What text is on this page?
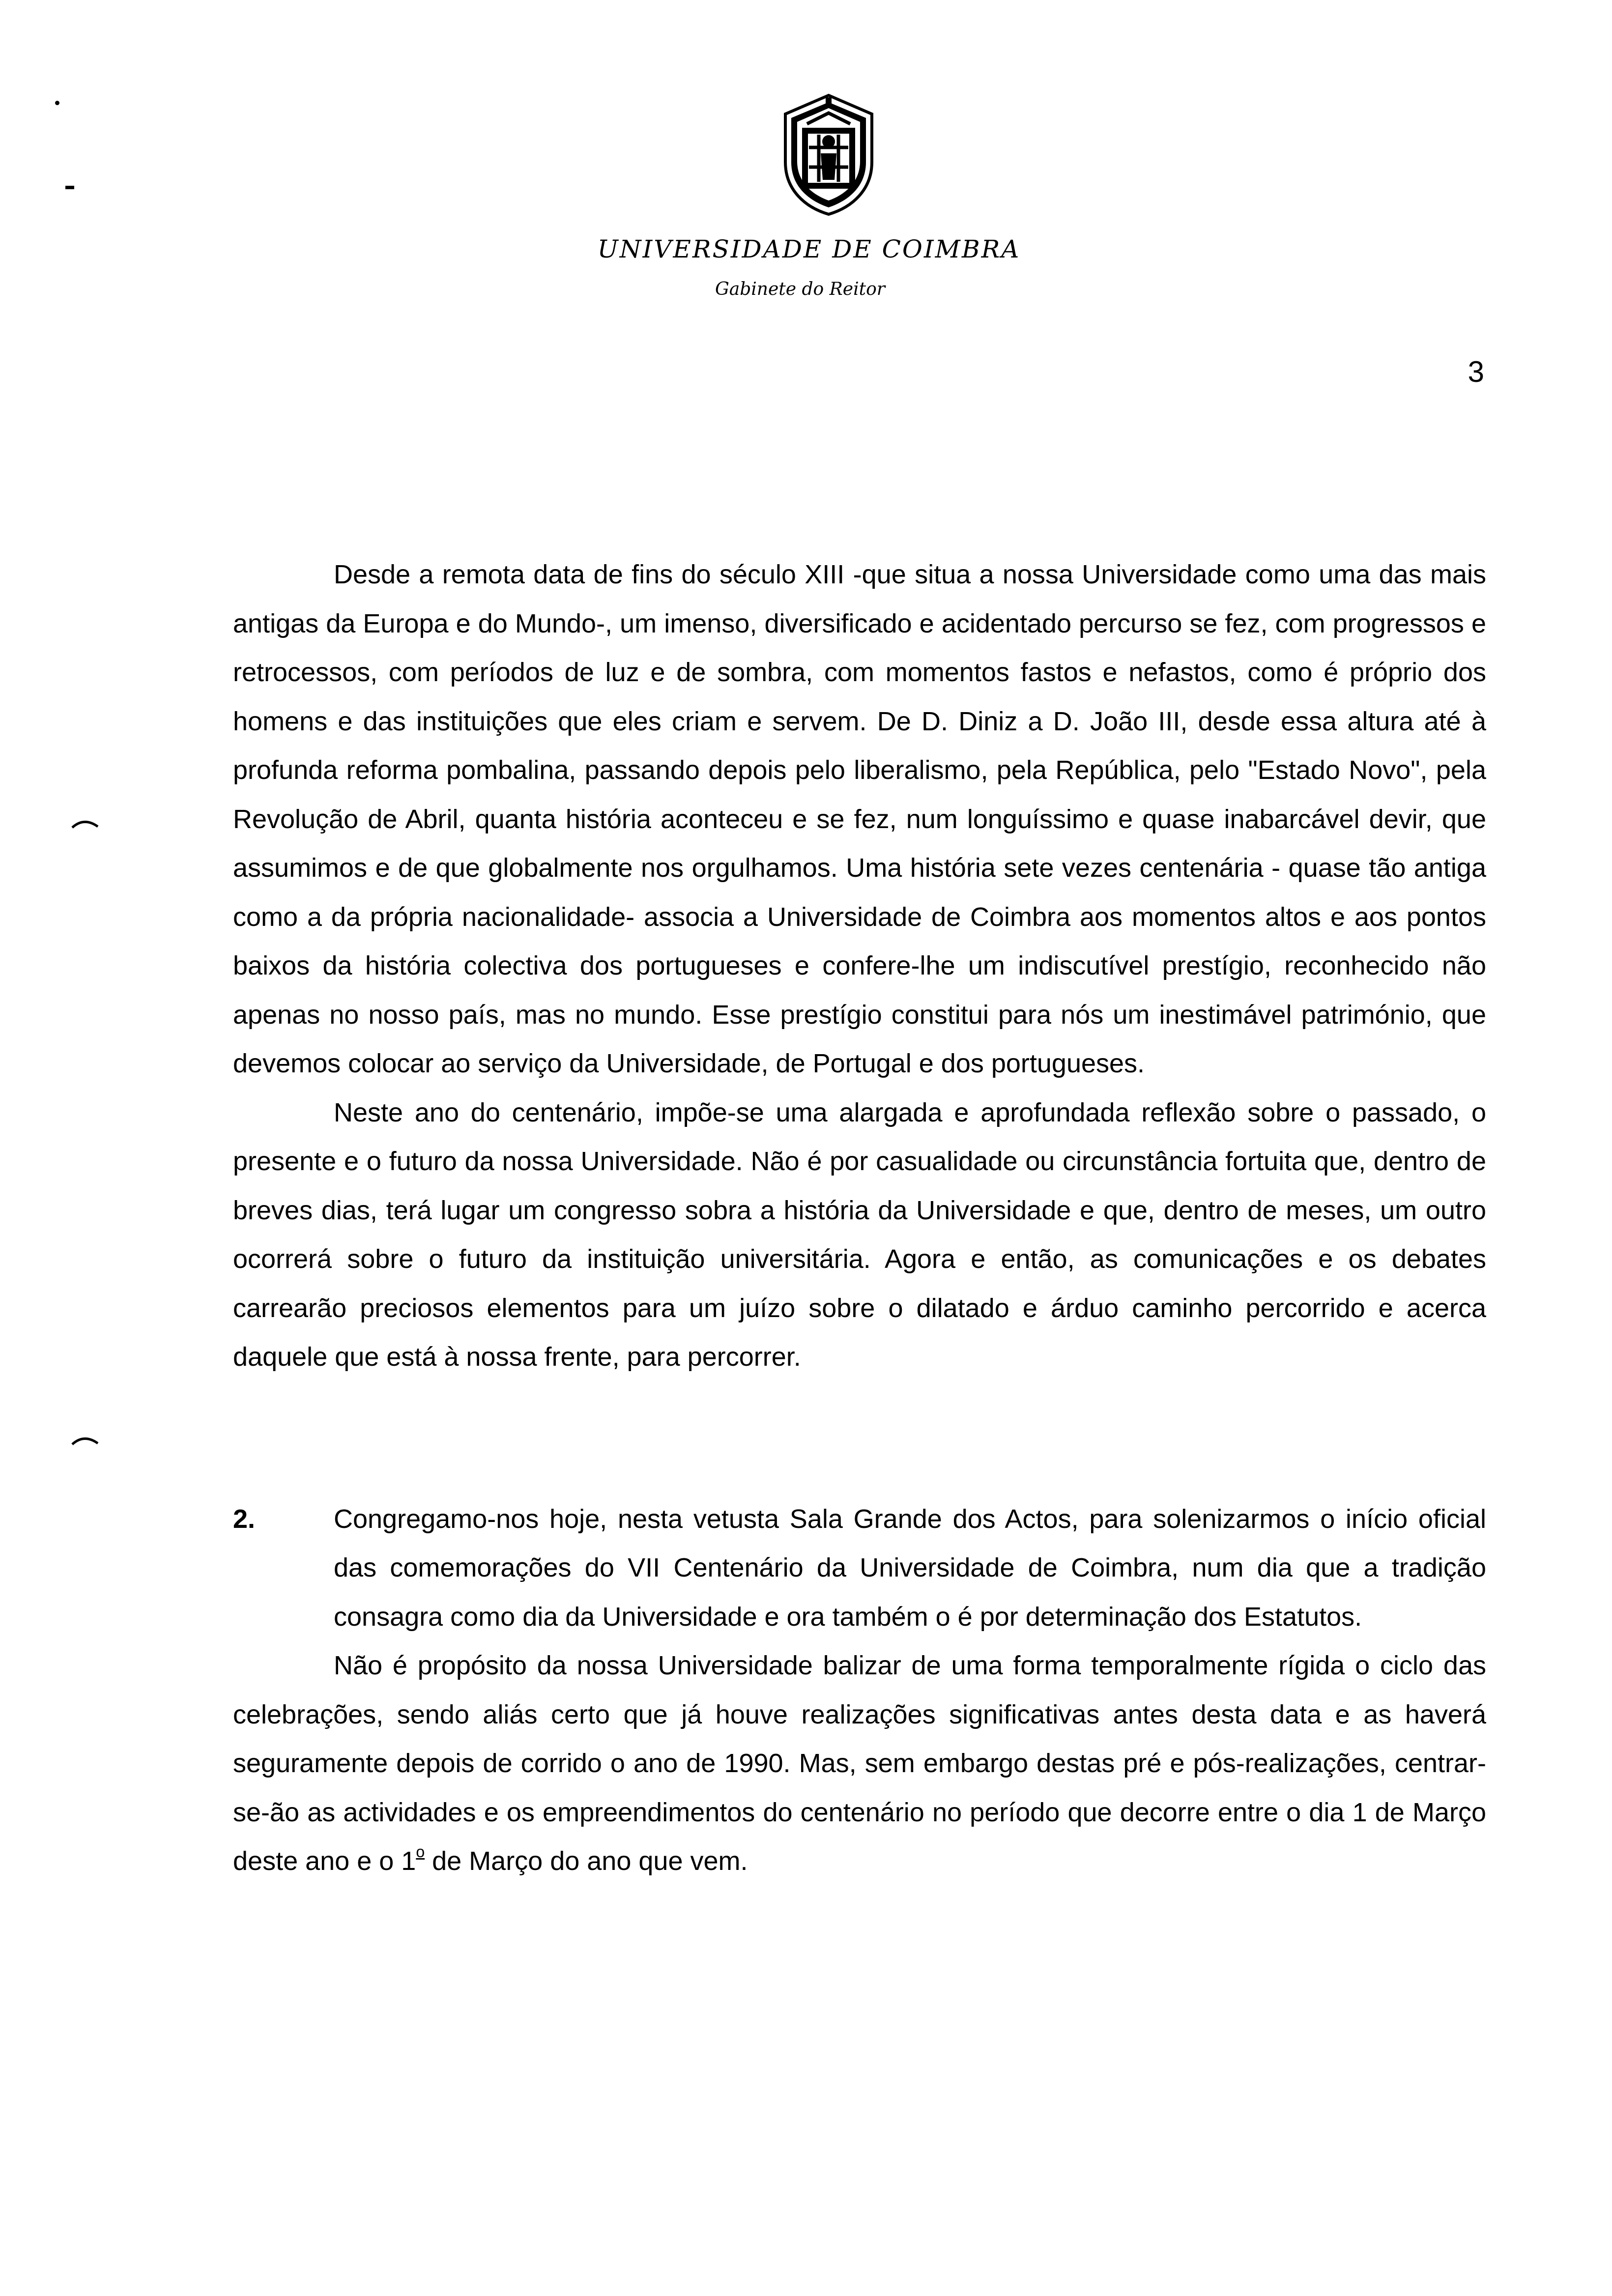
UNIVERSIDADE DE COIMBRA
Gabinete do Reitor
3

Desde a remota data de fins do século XIII -que situa a nossa Universidade como uma das mais antigas da Europa e do Mundo-, um imenso, diversificado e acidentado percurso se fez, com progressos e retrocessos, com períodos de luz e de sombra, com momentos fastos e nefastos, como é próprio dos homens e das instituições que eles criam e servem. De D. Diniz a D. João III, desde essa altura até à profunda reforma pombalina, passando depois pelo liberalismo, pela República, pelo "Estado Novo", pela Revolução de Abril, quanta história aconteceu e se fez, num longuíssimo e quase inabarcável devir, que assumimos e de que globalmente nos orgulhamos. Uma história sete vezes centenária - quase tão antiga como a da própria nacionalidade- associa a Universidade de Coimbra aos momentos altos e aos pontos baixos da história colectiva dos portugueses e confere-lhe um indiscutível prestígio, reconhecido não apenas no nosso país, mas no mundo. Esse prestígio constitui para nós um inestimável património, que devemos colocar ao serviço da Universidade, de Portugal e dos portugueses.

Neste ano do centenário, impõe-se uma alargada e aprofundada reflexão sobre o passado, o presente e o futuro da nossa Universidade. Não é por casualidade ou circunstância fortuita que, dentro de breves dias, terá lugar um congresso sobra a história da Universidade e que, dentro de meses, um outro ocorrerá sobre o futuro da instituição universitária. Agora e então, as comunicações e os debates carrearão preciosos elementos para um juízo sobre o dilatado e árduo caminho percorrido e acerca daquele que está à nossa frente, para percorrer.

2.	Congregamo-nos hoje, nesta vetusta Sala Grande dos Actos, para solenizarmos o início oficial das comemorações do VII Centenário da Universidade de Coimbra, num dia que a tradição consagra como dia da Universidade e ora também o é por determinação dos Estatutos.

Não é propósito da nossa Universidade balizar de uma forma temporalmente rígida o ciclo das celebrações, sendo aliás certo que já houve realizações significativas antes desta data e as haverá seguramente depois de corrido o ano de 1990. Mas, sem embargo destas pré e pós-realizações, centrar-se-ão as actividades e os empreendimentos do centenário no período que decorre entre o dia 1 de Março deste ano e o 1$^o$ de Março do ano que vem.
